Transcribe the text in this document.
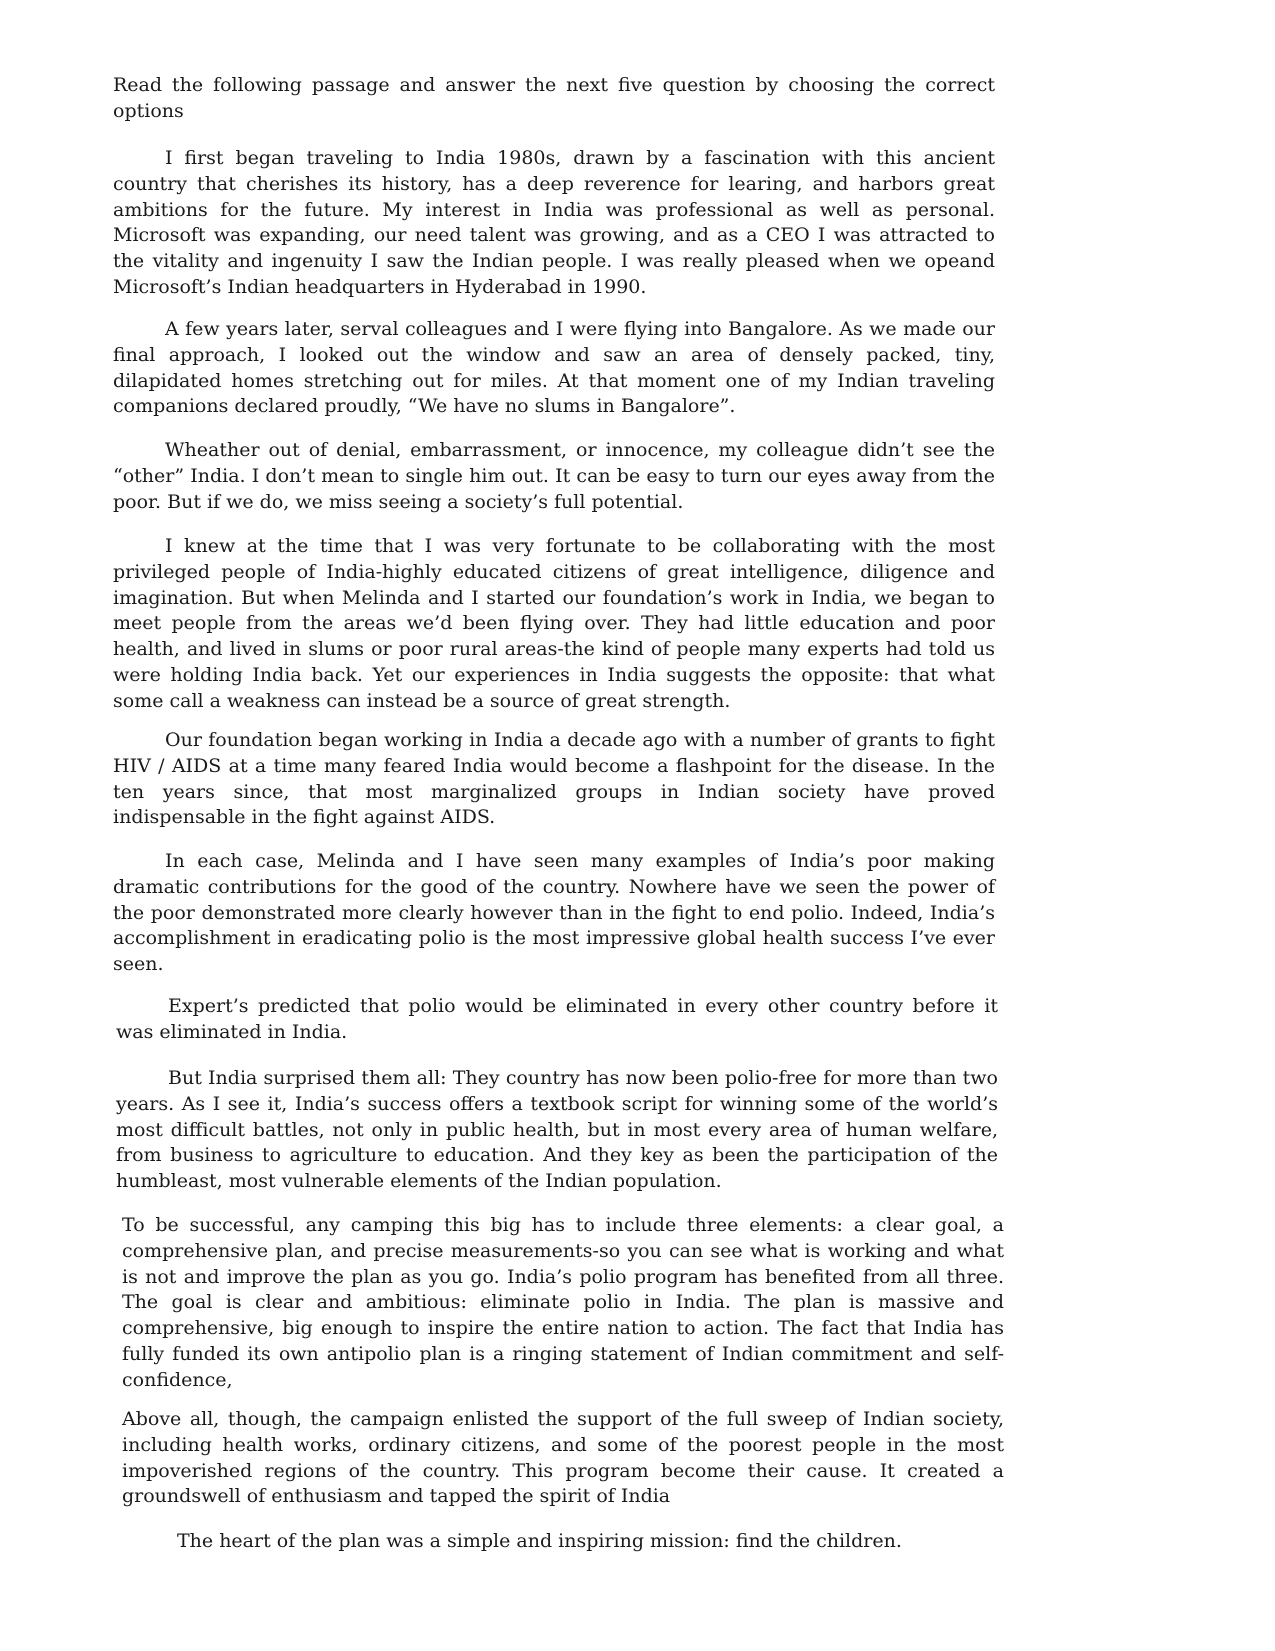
Read the following passage and answer the next five question by choosing the correct options

I first began traveling to India 1980s, drawn by a fascination with this ancient country that cherishes its history, has a deep reverence for learing, and harbors great ambitions for the future. My interest in India was professional as well as personal. Microsoft was expanding, our need talent was growing, and as a CEO I was attracted to the vitality and ingenuity I saw the Indian people. I was really pleased when we opeand Microsoft’s Indian headquarters in Hyderabad in 1990.

A few years later, serval colleagues and I were flying into Bangalore. As we made our final approach, I looked out the window and saw an area of densely packed, tiny, dilapidated homes stretching out for miles. At that moment one of my Indian traveling companions declared proudly, “We have no slums in Bangalore”.

Wheather out of denial, embarrassment, or innocence, my colleague didn’t see the “other” India. I don’t mean to single him out. It can be easy to turn our eyes away from the poor. But if we do, we miss seeing a society’s full potential.

I knew at the time that I was very fortunate to be collaborating with the most privileged people of India-highly educated citizens of great intelligence, diligence and imagination. But when Melinda and I started our foundation’s work in India, we began to meet people from the areas we’d been flying over. They had little education and poor health, and lived in slums or poor rural areas-the kind of people many experts had told us were holding India back. Yet our experiences in India suggests the opposite: that what some call a weakness can instead be a source of great strength.

Our foundation began working in India a decade ago with a number of grants to fight HIV / AIDS at a time many feared India would become a flashpoint for the disease. In the ten years since, that most marginalized groups in Indian society have proved indispensable in the fight against AIDS.

In each case, Melinda and I have seen many examples of India’s poor making dramatic contributions for the good of the country. Nowhere have we seen the power of the poor demonstrated more clearly however than in the fight to end polio. Indeed, India’s accomplishment in eradicating polio is the most impressive global health success I’ve ever seen.

Expert’s predicted that polio would be eliminated in every other country before it was eliminated in India.

But India surprised them all: They country has now been polio-free for more than two years. As I see it, India’s success offers a textbook script for winning some of the world’s most difficult battles, not only in public health, but in most every area of human welfare, from business to agriculture to education. And they key as been the participation of the humbleast, most vulnerable elements of the Indian population.

To be successful, any camping this big has to include three elements: a clear goal, a comprehensive plan, and precise measurements-so you can see what is working and what is not and improve the plan as you go. India’s polio program has benefited from all three. The goal is clear and ambitious: eliminate polio in India. The plan is massive and comprehensive, big enough to inspire the entire nation to action. The fact that India has fully funded its own antipolio plan is a ringing statement of Indian commitment and self-confidence,

Above all, though, the campaign enlisted the support of the full sweep of Indian society, including health works, ordinary citizens, and some of the poorest people in the most impoverished regions of the country. This program become their cause. It created a groundswell of enthusiasm and tapped the spirit of India

The heart of the plan was a simple and inspiring mission: find the children.
